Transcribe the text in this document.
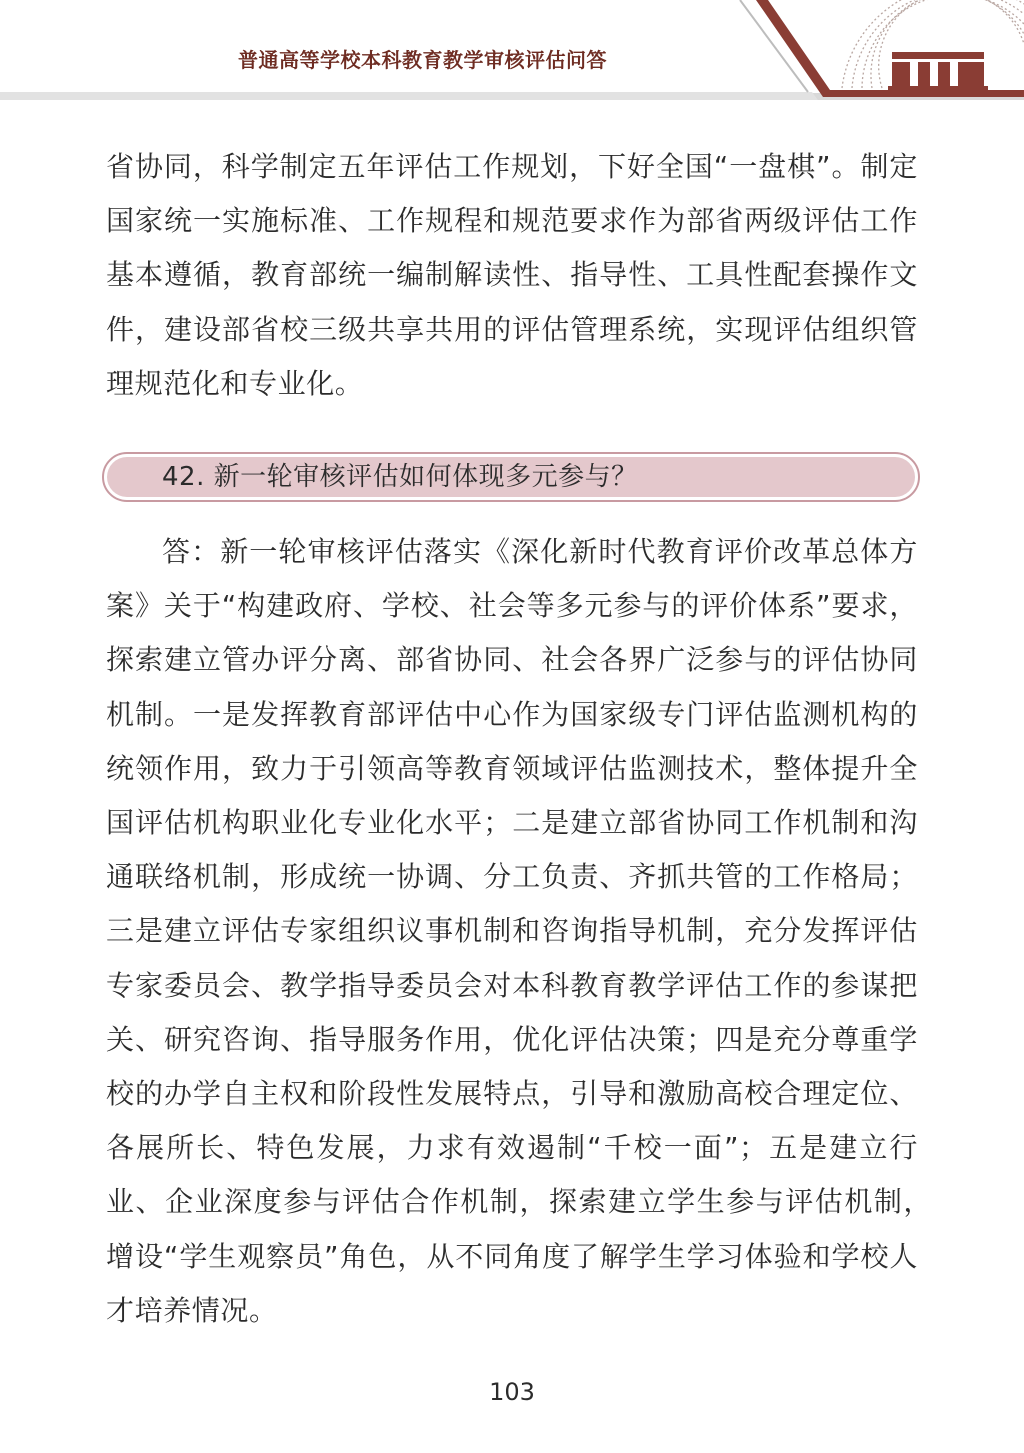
普通高等学校本科教育教学审核评估问答

省协同，科学制定五年评估工作规划，下好全国“一盘棋”。制定国家统一实施标准、工作规程和规范要求作为部省两级评估工作基本遵循，教育部统一编制解读性、指导性、工具性配套操作文件，建设部省校三级共享共用的评估管理系统，实现评估组织管理规范化和专业化。

42. 新一轮审核评估如何体现多元参与？

答：新一轮审核评估落实《深化新时代教育评价改革总体方案》关于“构建政府、学校、社会等多元参与的评价体系”要求，探索建立管办评分离、部省协同、社会各界广泛参与的评估协同机制。一是发挥教育部评估中心作为国家级专门评估监测机构的统领作用，致力于引领高等教育领域评估监测技术，整体提升全国评估机构职业化专业化水平；二是建立部省协同工作机制和沟通联络机制，形成统一协调、分工负责、齐抓共管的工作格局；三是建立评估专家组织议事机制和咨询指导机制，充分发挥评估专家委员会、教学指导委员会对本科教育教学评估工作的参谋把关、研究咨询、指导服务作用，优化评估决策；四是充分尊重学校的办学自主权和阶段性发展特点，引导和激励高校合理定位、各展所长、特色发展，力求有效遏制“千校一面”；五是建立行业、企业深度参与评估合作机制，探索建立学生参与评估机制，　增设“学生观察员”角色，从不同角度了解学生学习体验和学校人才培养情况。

103
